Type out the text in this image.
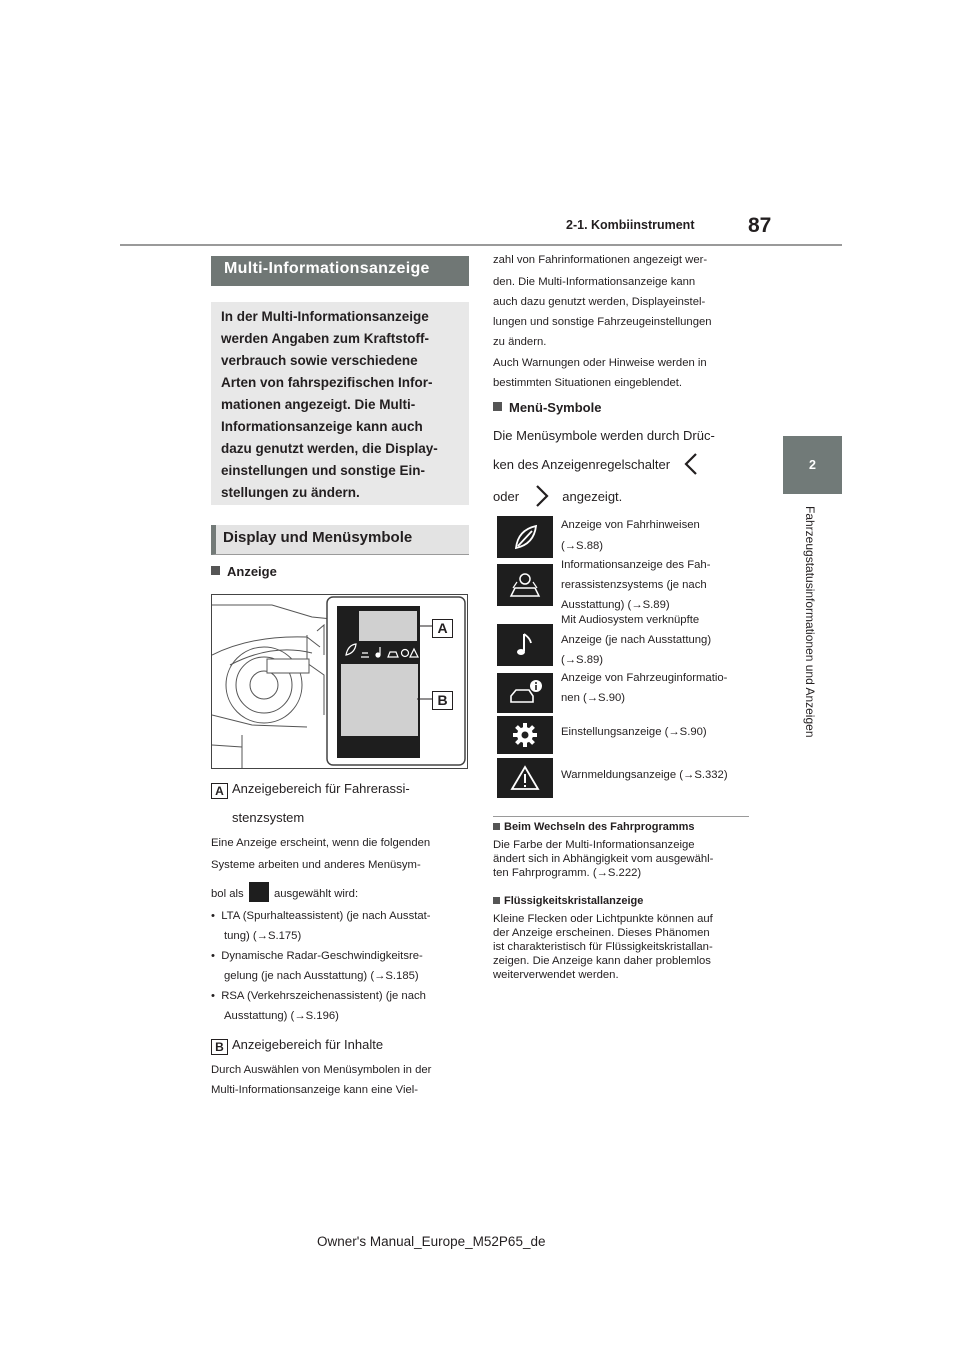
2-1. Kombiinstrument	87
2
Fahrzeugstatusinformationen und Anzeigen
Multi-Informationsanzeige
In der Multi-Informationsanzeige
werden Angaben zum Kraftstoff-
verbrauch sowie verschiedene
Arten von fahrspezifischen Infor-
mationen angezeigt. Die Multi-
Informationsanzeige kann auch
dazu genutzt werden, die Display-
einstellungen und sonstige Ein-
stellungen zu ändern.
Display und Menüsymbole
Anzeige
A
B
A Anzeigebereich für Fahrerassi-
stenzsystem
Eine Anzeige erscheint, wenn die folgenden
Systeme arbeiten und anderes Menüsym-
bol als	ausgewählt wird:
•  LTA (Spurhalteassistent) (je nach Ausstat-
tung) (→S.175)
•  Dynamische Radar-Geschwindigkeitsre-
gelung (je nach Ausstattung) (→S.185)
•  RSA (Verkehrszeichenassistent) (je nach
Ausstattung) (→S.196)
B Anzeigebereich für Inhalte
Durch Auswählen von Menüsymbolen in der
Multi-Informationsanzeige kann eine Viel-
zahl von Fahrinformationen angezeigt wer-
den. Die Multi-Informationsanzeige kann
auch dazu genutzt werden, Displayeinstel-
lungen und sonstige Fahrzeugeinstellungen
zu ändern.
Auch Warnungen oder Hinweise werden in
bestimmten Situationen eingeblendet.
Menü-Symbole
Die Menüsymbole werden durch Drüc-
ken des Anzeigenregelschalter
oder	angezeigt.
Anzeige von Fahrhinweisen
(→S.88)
Informationsanzeige des Fah-
rerassistenzsystems (je nach
Ausstattung) (→S.89)
Mit Audiosystem verknüpfte
Anzeige (je nach Ausstattung)
(→S.89)
Anzeige von Fahrzeuginformatio-
nen (→S.90)
Einstellungsanzeige (→S.90)
Warnmeldungsanzeige (→S.332)
Beim Wechseln des Fahrprogramms
Die Farbe der Multi-Informationsanzeige
ändert sich in Abhängigkeit vom ausgewähl-
ten Fahrprogramm. (→S.222)
Flüssigkeitskristallanzeige
Kleine Flecken oder Lichtpunkte können auf
der Anzeige erscheinen. Dieses Phänomen
ist charakteristisch für Flüssigkeitskristallan-
zeigen. Die Anzeige kann daher problemlos
weiterverwendet werden.
Owner's Manual_Europe_M52P65_de
